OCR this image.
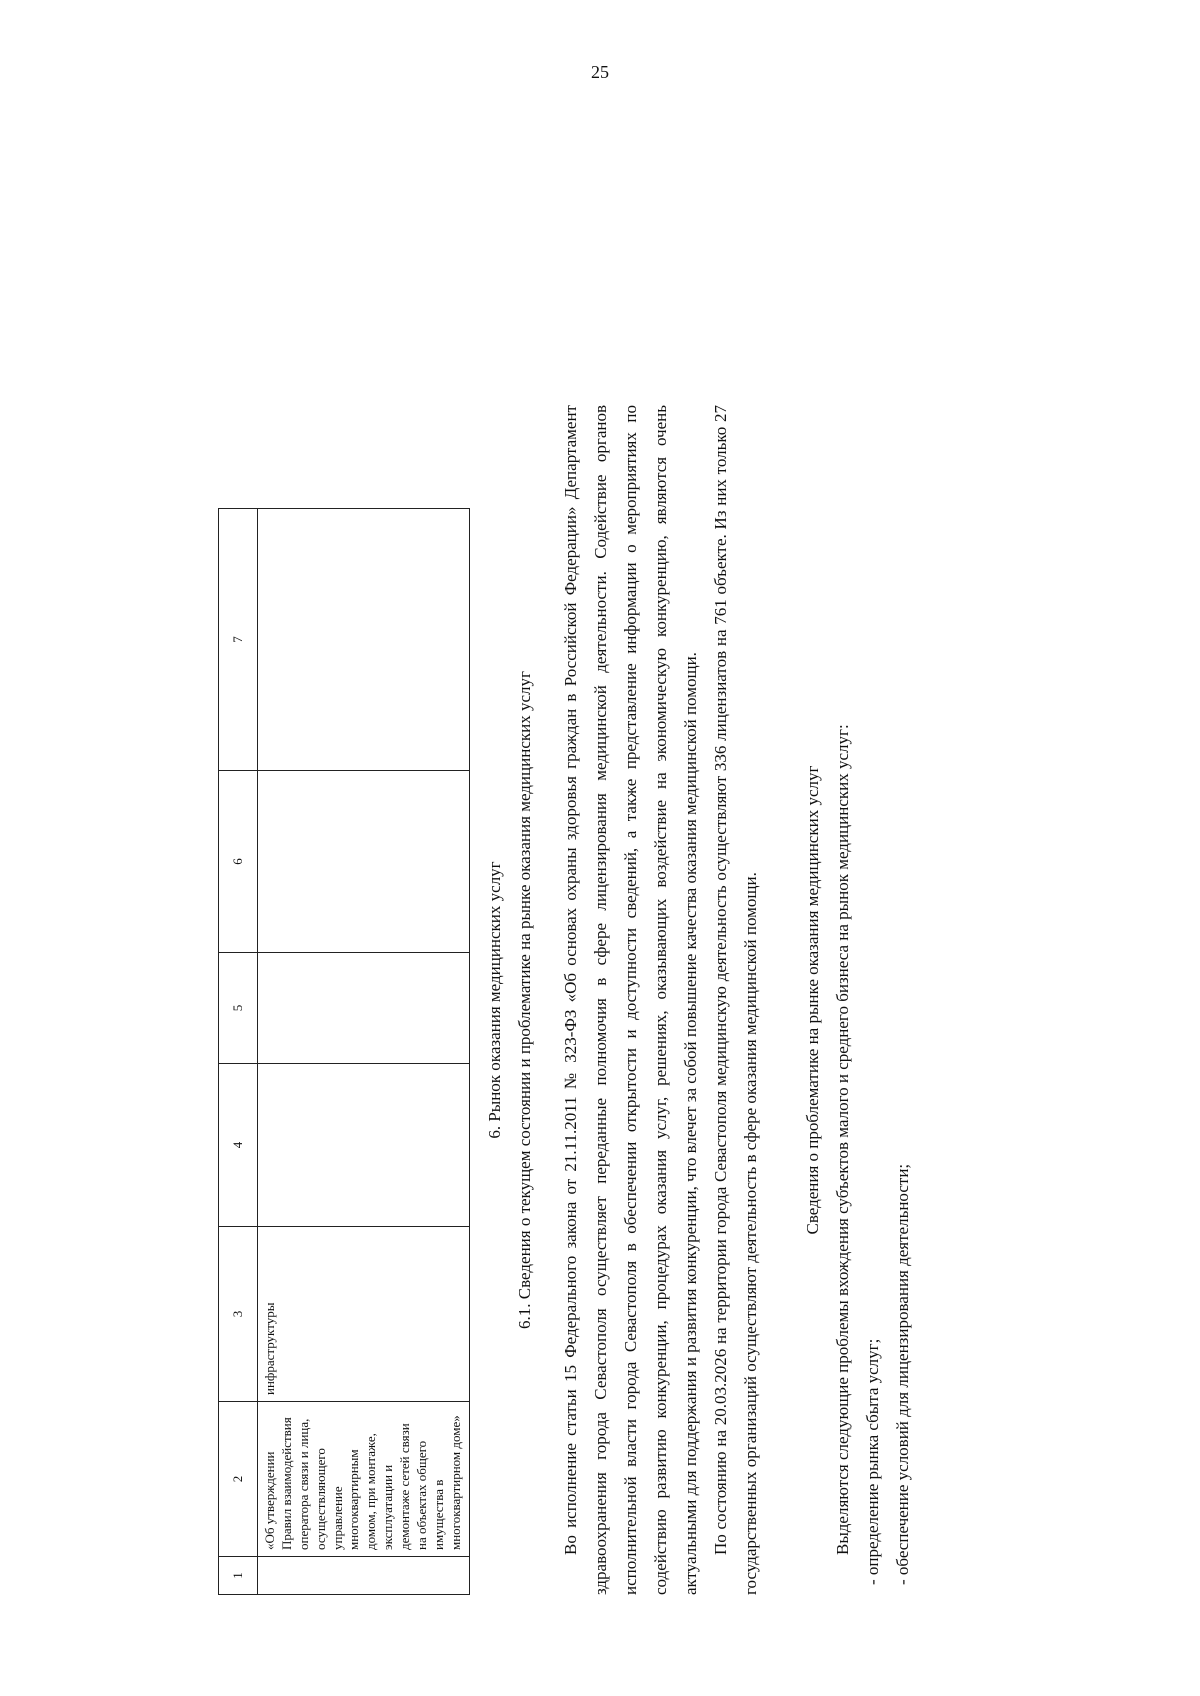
25
1	2	3	4	5	6	7
	«Об утверждении Правил взаимодействия оператора связи и лица, осуществляющего управление многоквартирным домом, при монтаже, эксплуатации и демонтаже сетей связи на объектах общего имущества в многоквартирном доме»	инфраструктуры				
6. Рынок оказания медицинских услуг 6.1. Сведения о текущем состоянии и проблематике на рынке оказания медицинских услуг	Во исполнение статьи 15 Федерального закона от 21.11.2011 № 323-ФЗ «Об основах охраны здоровья граждан в Российской Федерации» Департамент здравоохранения города Севастополя осуществляет переданные полномочия в сфере лицензирования медицинской деятельности. Содействие органов исполнительной власти города Севастополя в обеспечении открытости и доступности сведений, а также представление информации о мероприятиях по содействию развитию конкуренции, процедурах оказания услуг, решениях, оказывающих воздействие на экономическую конкуренцию, являются очень актуальными для поддержания и развития конкуренции, что влечет за собой повышение качества оказания медицинской помощи. По состоянию на 20.03.2026 на территории города Севастополя медицинскую деятельность осуществляют 336 лицензиатов на 761 объекте. Из них только 27 государственных организаций осуществляют деятельность в сфере оказания медицинской помощи.	Сведения о проблематике на рынке оказания медицинских услуг Выделяются следующие проблемы вхождения субъектов малого и среднего бизнеса на рынок медицинских услуг: - определение рынка сбыта услуг; - обеспечение условий для лицензирования деятельности;
